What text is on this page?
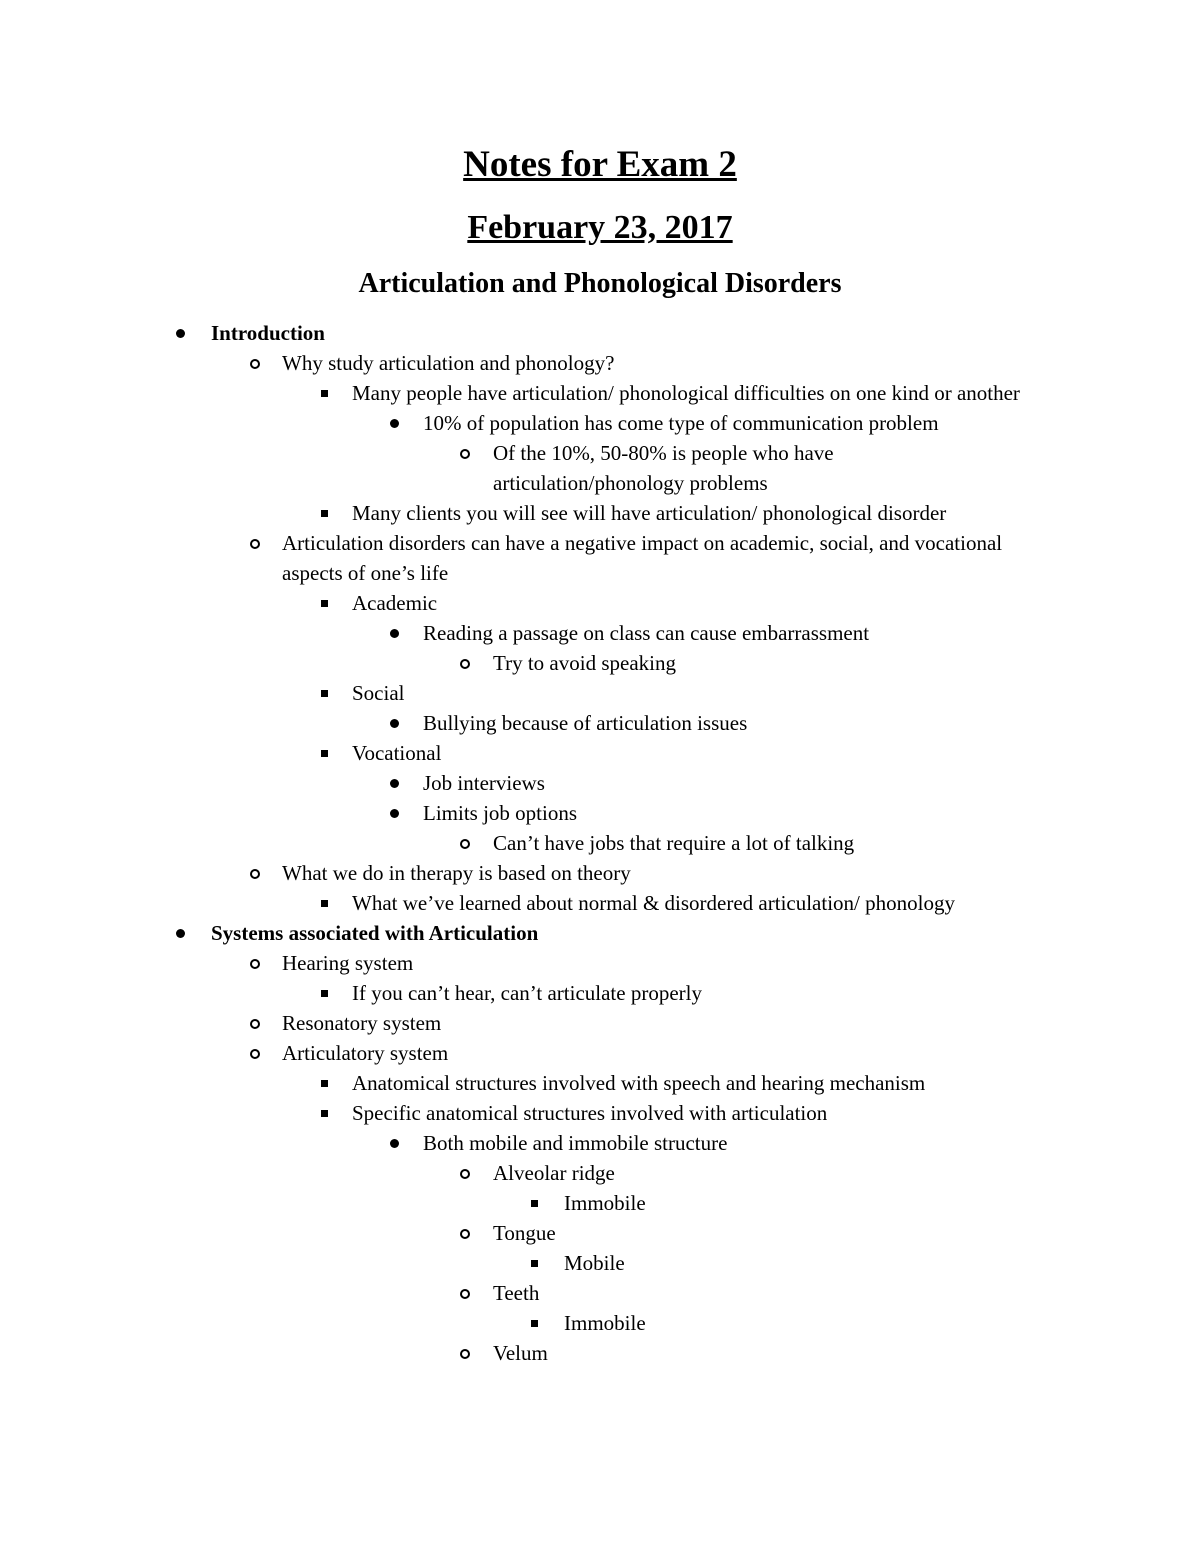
Notes for Exam 2
February 23, 2017
Articulation and Phonological Disorders
Introduction
Why study articulation and phonology?
Many people have articulation/ phonological difficulties on one kind or another
10% of population has come type of communication problem
Of the 10%, 50-80% is people who have articulation/phonology problems
Many clients you will see will have articulation/ phonological disorder
Articulation disorders can have a negative impact on academic, social, and vocational aspects of one’s life
Academic
Reading a passage on class can cause embarrassment
Try to avoid speaking
Social
Bullying because of articulation issues
Vocational
Job interviews
Limits job options
Can’t have jobs that require a lot of talking
What we do in therapy is based on theory
What we’ve learned about normal & disordered articulation/ phonology
Systems associated with Articulation
Hearing system
If you can’t hear, can’t articulate properly
Resonatory system
Articulatory system
Anatomical structures involved with speech and hearing mechanism
Specific anatomical structures involved with articulation
Both mobile and immobile structure
Alveolar ridge
Immobile
Tongue
Mobile
Teeth
Immobile
Velum
